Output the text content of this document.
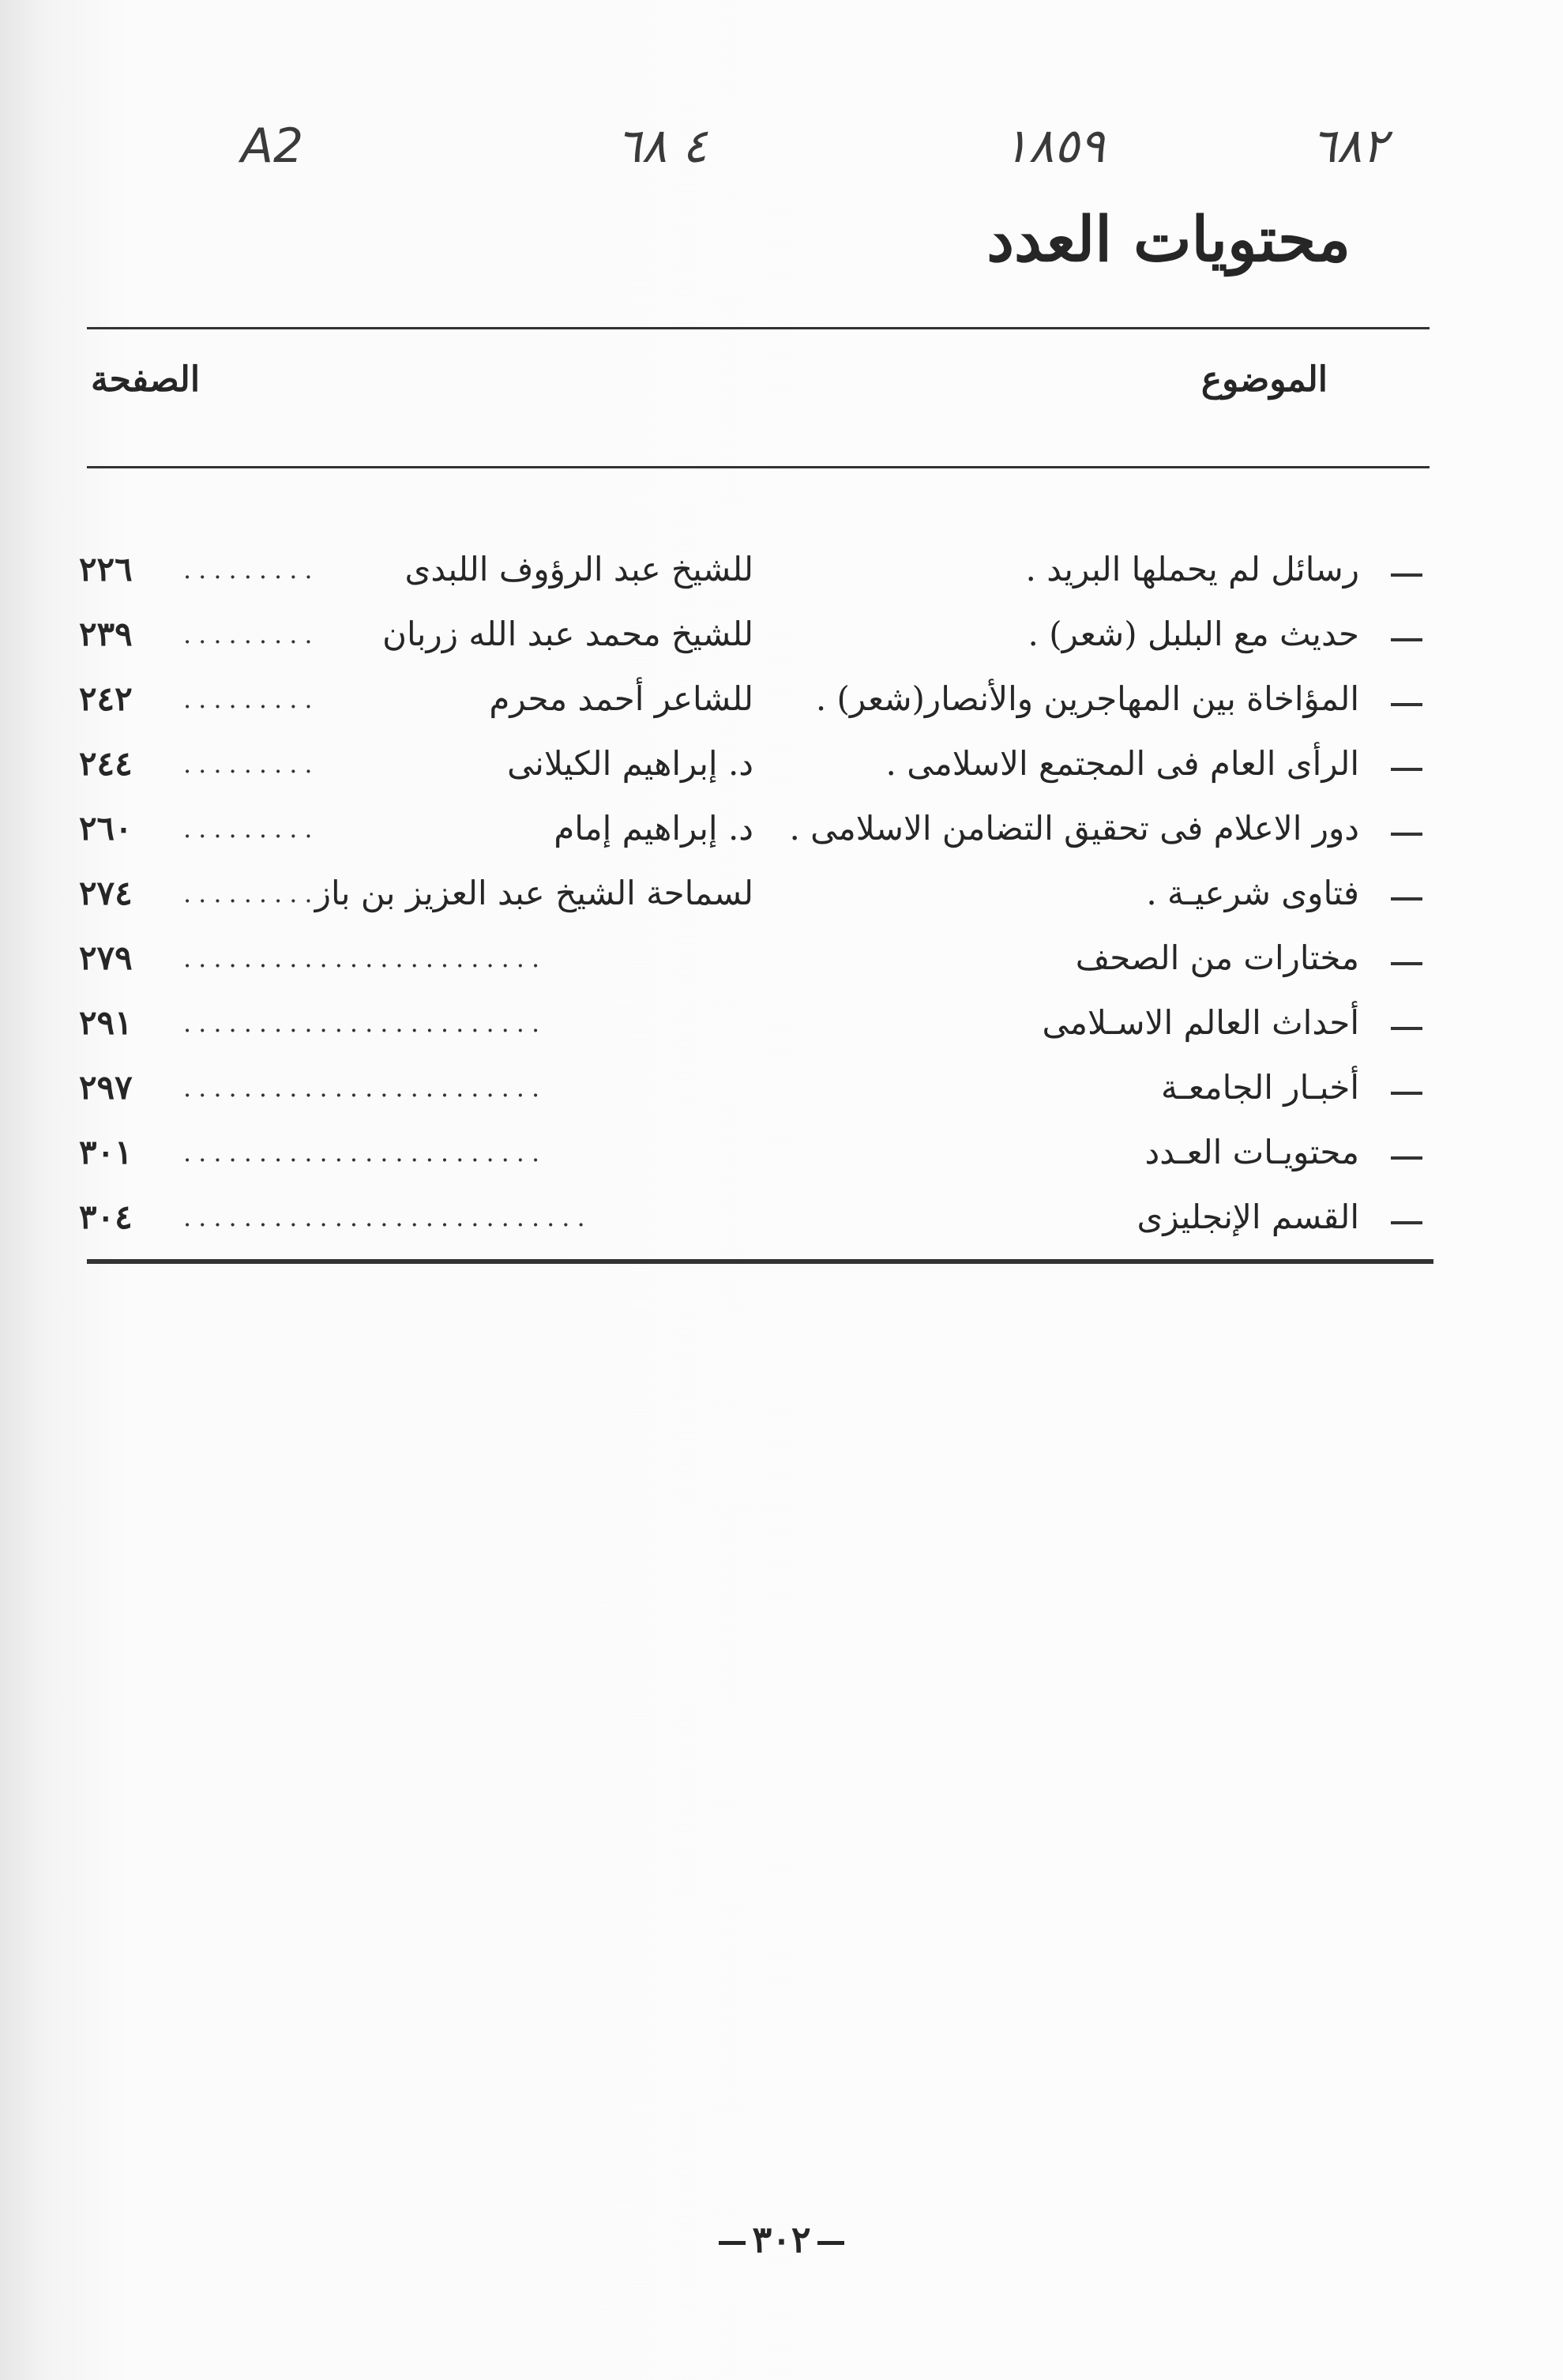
٦٨٢
١٨٥٩
٤ ٦٨
A2
محتويات العدد
الموضوع
الصفحة
رسائل لم يحملها البريد .
للشيخ عبد الرؤوف اللبدى
.........
٢٢٦
حديث مع البلبل (شعر) .
للشيخ محمد عبد الله زربان
.........
٢٣٩
المؤاخاة بين المهاجرين والأنصار(شعر) .
للشاعر أحمد محرم
.........
٢٤٢
الرأى العام فى المجتمع الاسلامى .
د. إبراهيم الكيلانى
.........
٢٤٤
دور الاعلام فى تحقيق التضامن الاسلامى .
د. إبراهيم إمام
.........
٢٦٠
فتاوى شرعيـة .
لسماحة الشيخ عبد العزيز بن باز
.........
٢٧٤
مختارات من الصحف
........................
٢٧٩
أحداث العالم الاسـلامى
........................
٢٩١
أخبـار الجامعـة
........................
٢٩٧
محتويـات العـدد
........................
٣٠١
القسم الإنجليزى
...........................
٣٠٤
٣٠٢
